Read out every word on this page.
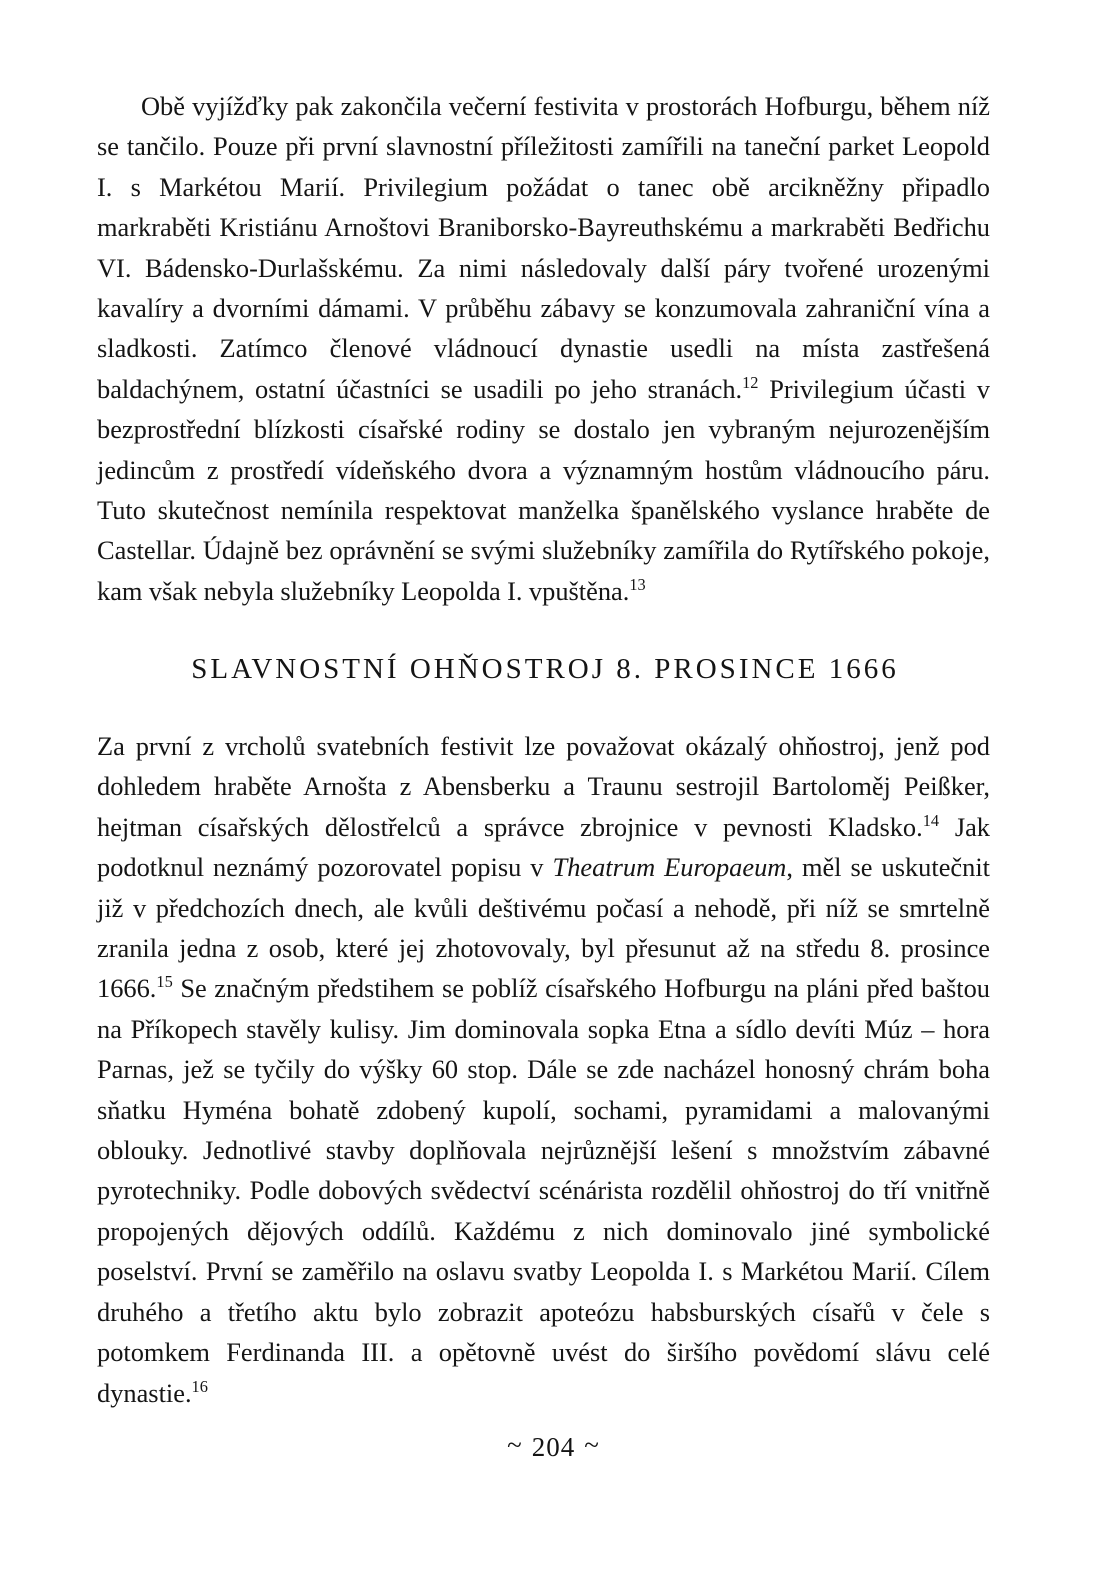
Obě vyjížďky pak zakončila večerní festivita v prostorách Hofburgu, během níž se tančilo. Pouze při první slavnostní příležitosti zamířili na taneční parket Leopold I. s Markétou Marií. Privilegium požádat o tanec obě arcikněžny připadlo markraběti Kristiánu Arnoštovi Braniborsko-Bayreuthskému a markraběti Bedřichu VI. Bádensko-Durlašskému. Za nimi následovaly další páry tvořené urozenými kavalíry a dvorními dámami. V průběhu zábavy se konzumovala zahraniční vína a sladkosti. Zatímco členové vládnoucí dynastie usedli na místa zastřešená baldachýnem, ostatní účastníci se usadili po jeho stranách.$^{12}$ Privilegium účasti v bezprostřední blízkosti císařské rodiny se dostalo jen vybraným nejurozenějším jedincům z prostředí vídeňského dvora a významným hostům vládnoucího páru. Tuto skutečnost nemínila respektovat manželka španělského vyslance hraběte de Castellar. Údajně bez oprávnění se svými služebníky zamířila do Rytířského pokoje, kam však nebyla služebníky Leopolda I. vpuštěna.$^{13}$

SLAVNOSTNÍ OHŇOSTROJ 8. PROSINCE 1666

Za první z vrcholů svatebních festivit lze považovat okázalý ohňostroj, jenž pod dohledem hraběte Arnošta z Abensberku a Traunu sestrojil Bartoloměj Peißker, hejtman císařských dělostřelců a správce zbrojnice v pevnosti Kladsko.$^{14}$ Jak podotknul neznámý pozorovatel popisu v Theatrum Europaeum, měl se uskutečnit již v předchozích dnech, ale kvůli deštivému počasí a nehodě, při níž se smrtelně zranila jedna z osob, které jej zhotovovaly, byl přesunut až na středu 8. prosince 1666.15 Se značným předstihem se poblíž císařského Hofburgu na pláni před baštou na Příkopech stavěly kulisy. Jim dominovala sopka Etna a sídlo devíti Múz – hora Parnas, jež se tyčily do výšky 60 stop. Dále se zde nacházel honosný chrám boha sňatku Hyména bohatě zdobený kupolí, sochami, pyramidami a malovanými oblouky. Jednotlivé stavby doplňovala nejrůznější lešení s množstvím zábavné pyrotechniky. Podle dobových svědectví scénárista rozdělil ohňostroj do tří vnitřně propojených dějových oddílů. Každému z nich dominovalo jiné symbolické poselství. První se zaměřilo na oslavu svatby Leopolda I. s Markétou Marií. Cílem druhého a třetího aktu bylo zobrazit apoteózu habsburských císařů v čele s potomkem Ferdinanda III. a opětovně uvést do širšího povědomí slávu celé dynastie.$^{16}$

~ 204 ~
